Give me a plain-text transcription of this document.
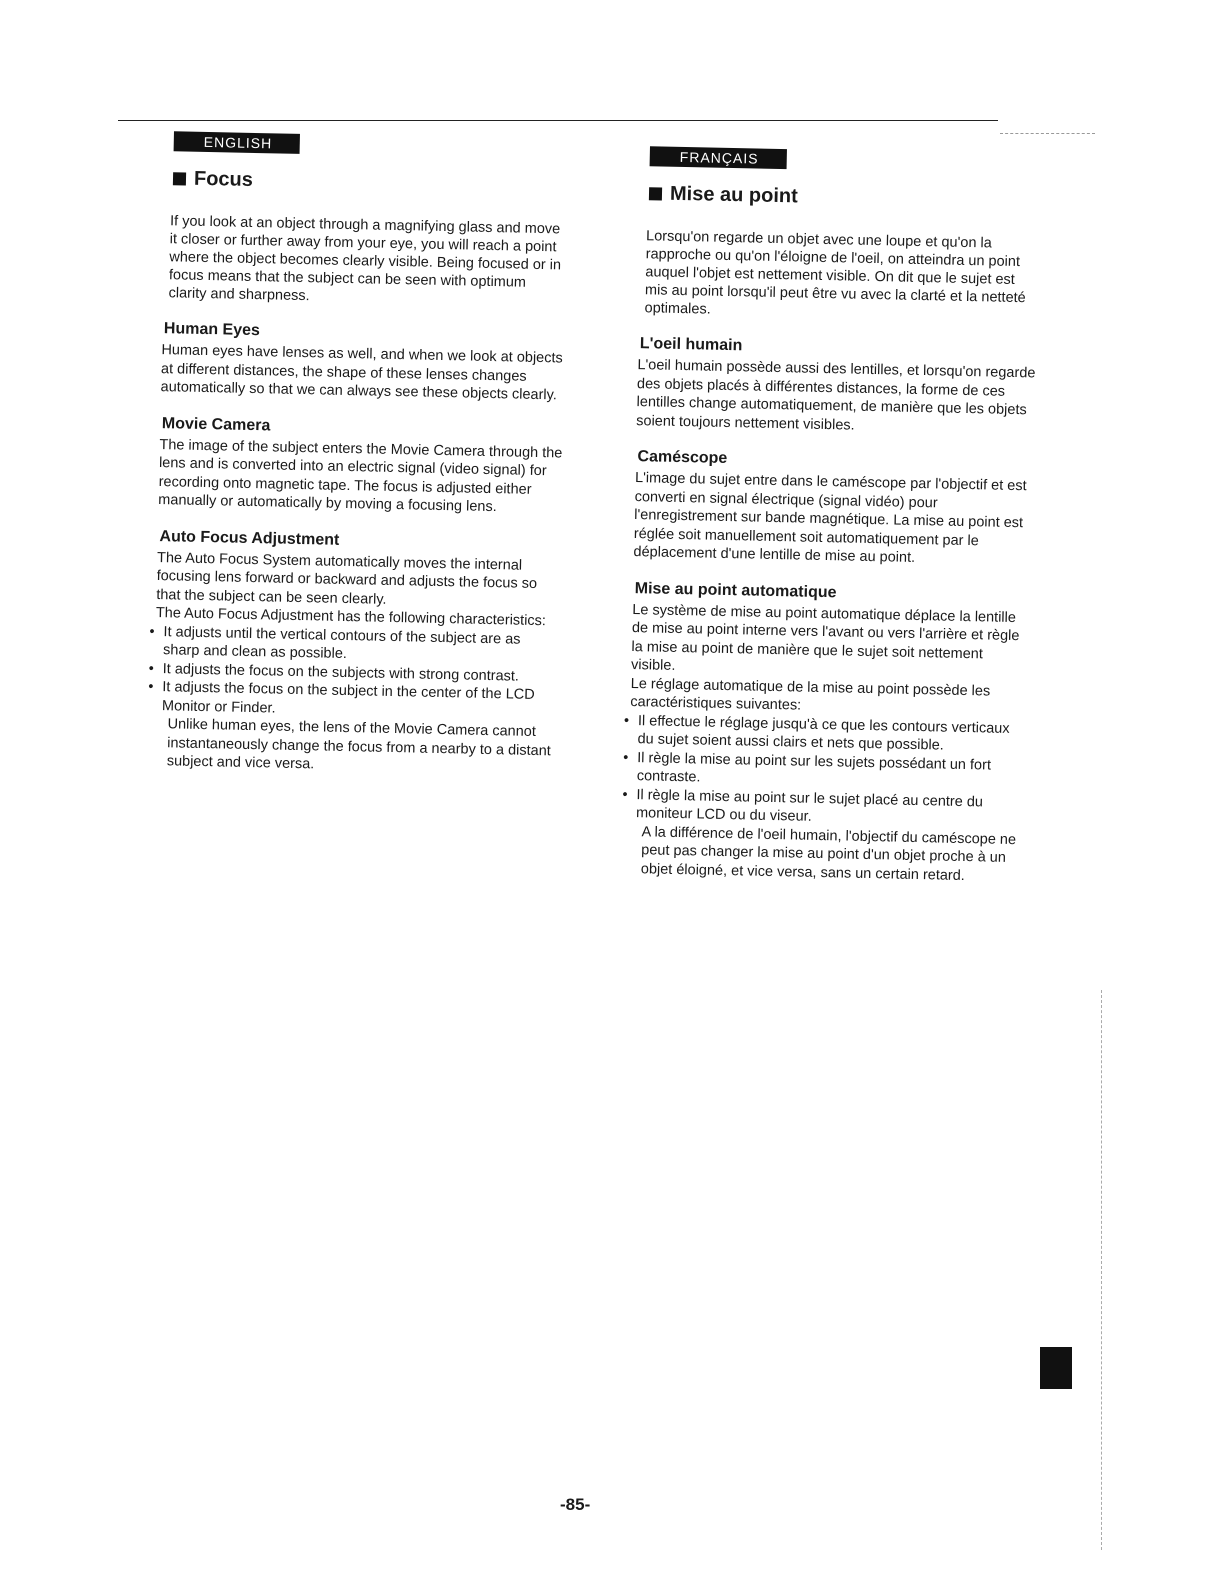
ENGLISH
Focus

If you look at an object through a magnifying glass and move it closer or further away from your eye, you will reach a point where the object becomes clearly visible. Being focused or in focus means that the subject can be seen with optimum clarity and sharpness.

Human Eyes

Human eyes have lenses as well, and when we look at objects at different distances, the shape of these lenses changes automatically so that we can always see these objects clearly.

Movie Camera

The image of the subject enters the Movie Camera through the lens and is converted into an electric signal (video signal) for recording onto magnetic tape. The focus is adjusted either manually or automatically by moving a focusing lens.

Auto Focus Adjustment

The Auto Focus System automatically moves the internal focusing lens forward or backward and adjusts the focus so that the subject can be seen clearly.

The Auto Focus Adjustment has the following characteristics:

• It adjusts until the vertical contours of the subject are as sharp and clean as possible.
• It adjusts the focus on the subjects with strong contrast.
• It adjusts the focus on the subject in the center of the LCD Monitor or Finder.

Unlike human eyes, the lens of the Movie Camera cannot instantaneously change the focus from a nearby to a distant subject and vice versa.

FRANÇAIS
Mise au point

Lorsqu'on regarde un objet avec une loupe et qu'on la rapproche ou qu'on l'éloigne de l'oeil, on atteindra un point auquel l'objet est nettement visible. On dit que le sujet est mis au point lorsqu'il peut être vu avec la clarté et la netteté optimales.

L'oeil humain

L'oeil humain possède aussi des lentilles, et lorsqu'on regarde des objets placés à différentes distances, la forme de ces lentilles change automatiquement, de manière que les objets soient toujours nettement visibles.

Caméscope

L'image du sujet entre dans le caméscope par l'objectif et est converti en signal électrique (signal vidéo) pour l'enregistrement sur bande magnétique. La mise au point est réglée soit manuellement soit automatiquement par le déplacement d'une lentille de mise au point.

Mise au point automatique

Le système de mise au point automatique déplace la lentille de mise au point interne vers l'avant ou vers l'arrière et règle la mise au point de manière que le sujet soit nettement visible.

Le réglage automatique de la mise au point possède les caractéristiques suivantes:

• Il effectue le réglage jusqu'à ce que les contours verticaux du sujet soient aussi clairs et nets que possible.
• Il règle la mise au point sur les sujets possédant un fort contraste.
• Il règle la mise au point sur le sujet placé au centre du moniteur LCD ou du viseur.

A la différence de l'oeil humain, l'objectif du caméscope ne peut pas changer la mise au point d'un objet proche à un objet éloigné, et vice versa, sans un certain retard.

-85-
